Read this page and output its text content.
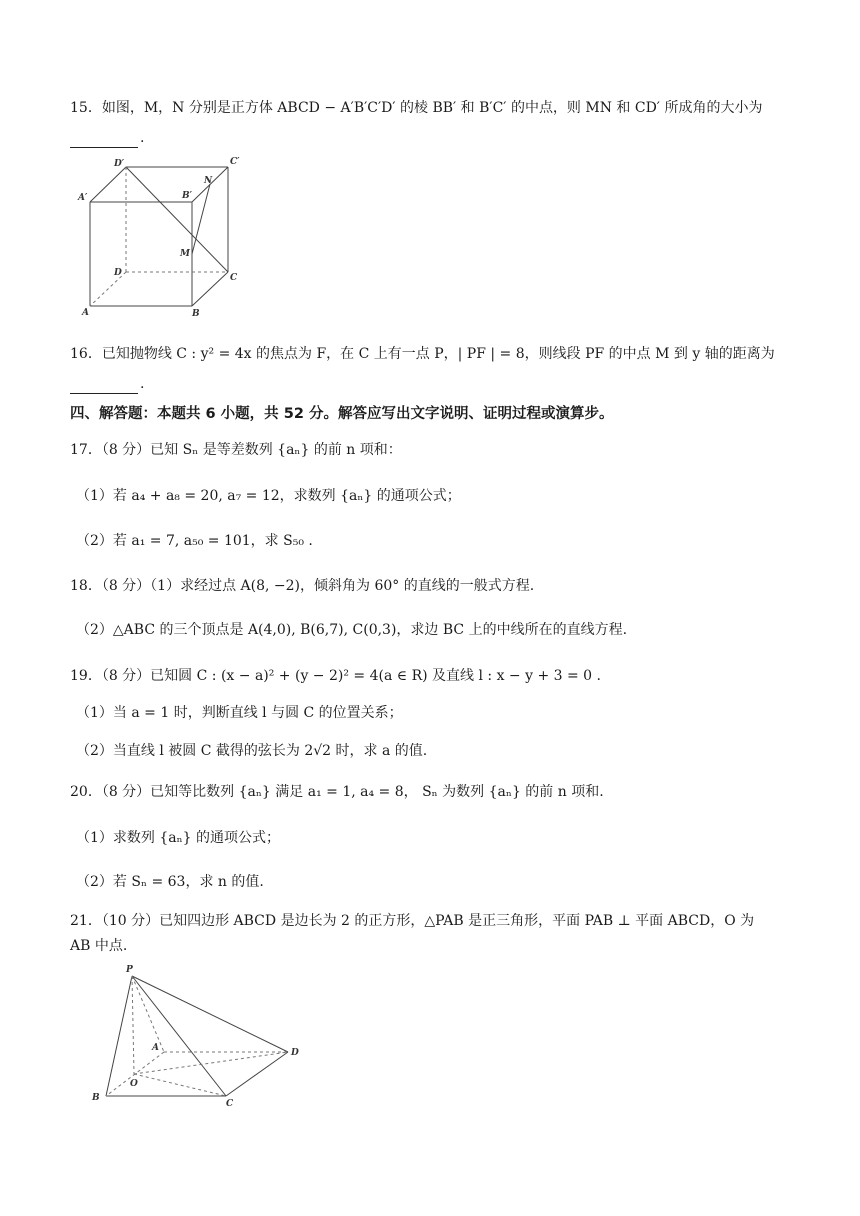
15．如图，M，N 分别是正方体 ABCD − A′B′C′D′ 的棱 BB′ 和 B′C′ 的中点，则 MN 和 CD′ 所成角的大小为
.
D′	C′
A′	B′
N
M
D	C
A	B
16．已知抛物线 C : y² = 4x 的焦点为 F，在 C 上有一点 P，| PF | = 8，则线段 PF 的中点 M 到 y 轴的距离为
.
四、解答题：本题共 6 小题，共 52 分。解答应写出文字说明、证明过程或演算步。
17．（8 分）已知 Sₙ 是等差数列 {aₙ} 的前 n 项和：
（1）若 a₄ + a₈ = 20, a₇ = 12，求数列 {aₙ} 的通项公式；
（2）若 a₁ = 7, a₅₀ = 101，求 S₅₀ .
18．（8 分）（1）求经过点 A(8, −2)，倾斜角为 60° 的直线的一般式方程.
（2）△ABC 的三个顶点是 A(4,0), B(6,7), C(0,3)，求边 BC 上的中线所在的直线方程.
19．（8 分）已知圆 C : (x − a)² + (y − 2)² = 4(a ∈ R) 及直线 l : x − y + 3 = 0 .
（1）当 a = 1 时，判断直线 l 与圆 C 的位置关系；
（2）当直线 l 被圆 C 截得的弦长为 2√2 时，求 a 的值.
20．（8 分）已知等比数列 {aₙ} 满足 a₁ = 1, a₄ = 8， Sₙ 为数列 {aₙ} 的前 n 项和.
（1）求数列 {aₙ} 的通项公式；
（2）若 Sₙ = 63，求 n 的值.
21．（10 分）已知四边形 ABCD 是边长为 2 的正方形，△PAB 是正三角形，平面 PAB ⊥ 平面 ABCD，O 为
AB 中点.
P
A	D
O
B
C
